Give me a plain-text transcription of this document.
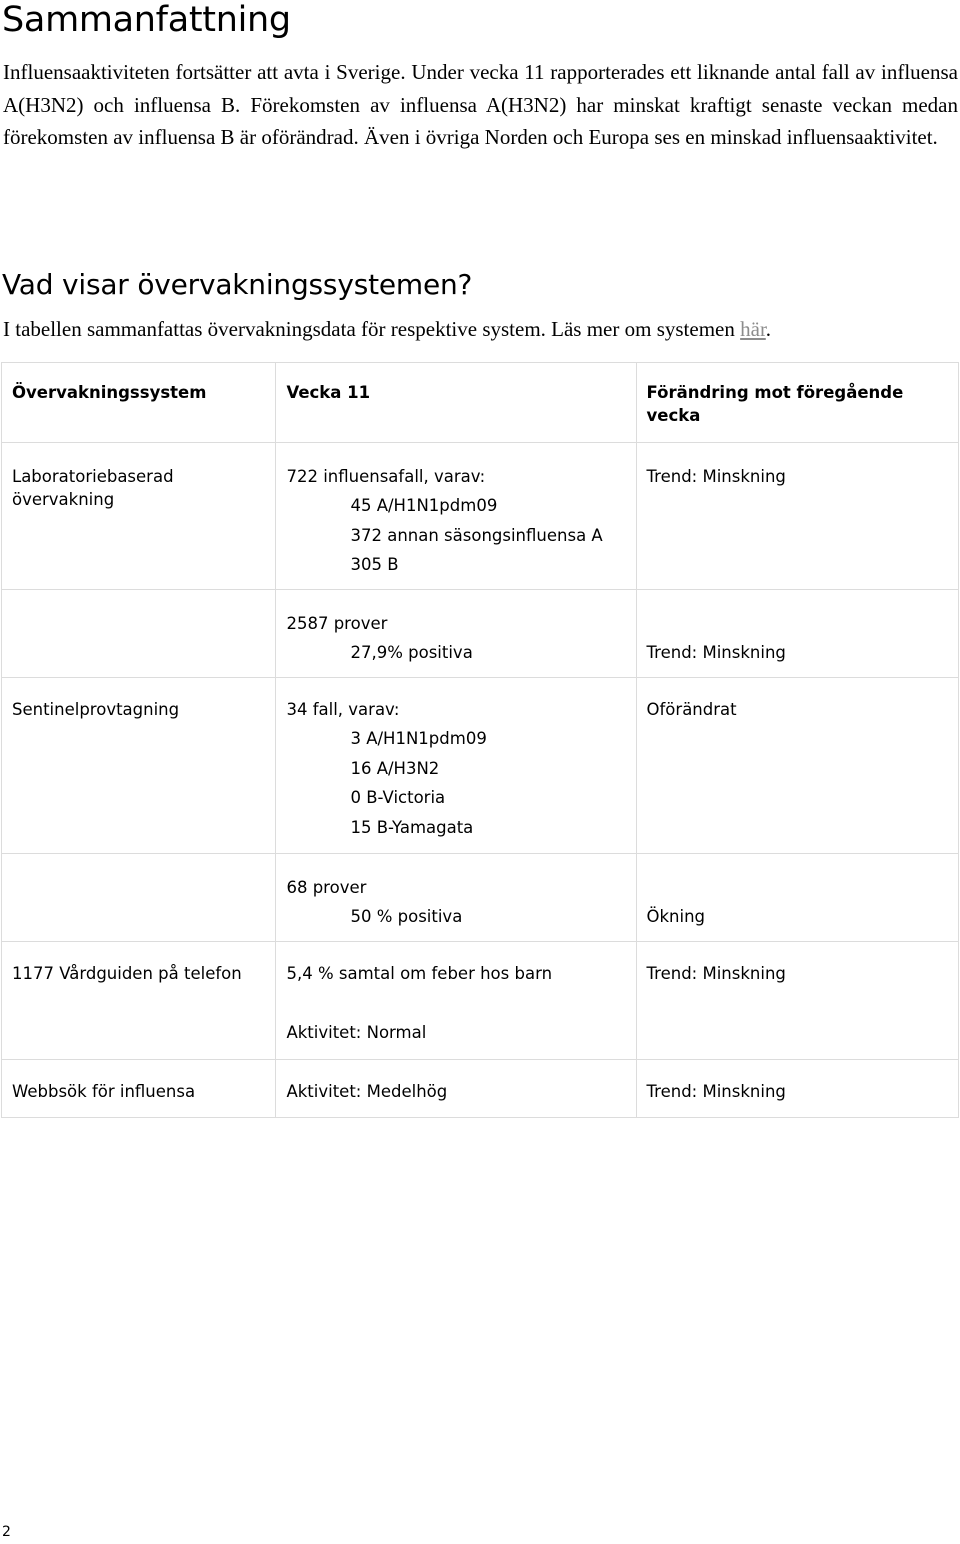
Sammanfattning

Influensaaktiviteten fortsätter att avta i Sverige. Under vecka 11 rapporterades ett liknande antal fall av influensa A(H3N2) och influensa B. Förekomsten av influensa A(H3N2) har minskat kraftigt senaste veckan medan förekomsten av influensa B är oförändrad. Även i övriga Norden och Europa ses en minskad influensaaktivitet.

Vad visar övervakningssystemen?

I tabellen sammanfattas övervakningsdata för respektive system. Läs mer om systemen här.

Övervakningssystem	Vecka 11	Förändring mot föregående vecka

Laboratoriebaserad övervakning	722 influensafall, varav:
45 A/H1N1pdm09
372 annan säsongsinfluensa A
305 B	Trend: Minskning

	2587 prover
27,9% positiva	Trend: Minskning

Sentinelprovtagning	34 fall, varav:
3 A/H1N1pdm09
16 A/H3N2
0 B-Victoria
15 B-Yamagata	Oförändrat

	68 prover
50 % positiva	Ökning

1177 Vårdguiden på telefon	5,4 % samtal om feber hos barn
Aktivitet: Normal	Trend: Minskning

Webbsök för influensa	Aktivitet: Medelhög	Trend: Minskning
2
